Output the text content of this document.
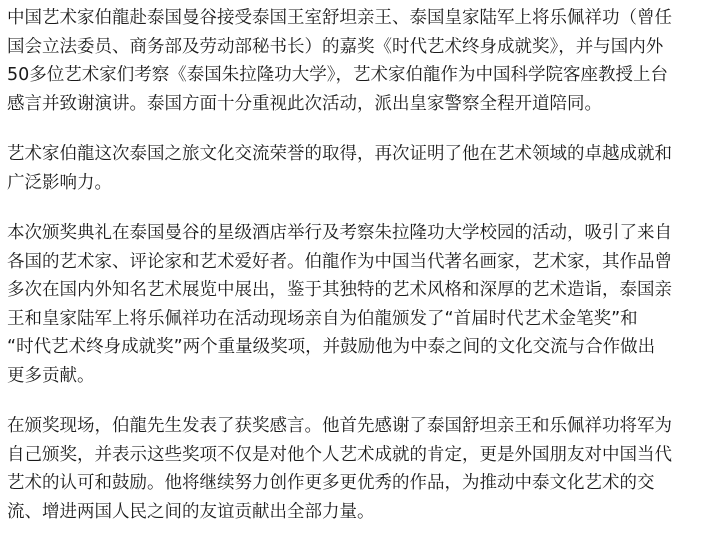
中国艺术家伯龍赴泰国曼谷接受泰国王室舒坦亲王、泰国皇家陆军上将乐佩祥功（曾任
国会立法委员、商务部及劳动部秘书长）的嘉奖《时代艺术终身成就奖》，并与国内外
50多位艺术家们考察《泰国朱拉隆功大学》，艺术家伯龍作为中国科学院客座教授上台
感言并致谢演讲。泰国方面十分重视此次活动，派出皇家警察全程开道陪同。
艺术家伯龍这次泰国之旅文化交流荣誉的取得，再次证明了他在艺术领域的卓越成就和
广泛影响力。
本次颁奖典礼在泰国曼谷的星级酒店举行及考察朱拉隆功大学校园的活动，吸引了来自
各国的艺术家、评论家和艺术爱好者。伯龍作为中国当代著名画家，艺术家，其作品曾
多次在国内外知名艺术展览中展出，鉴于其独特的艺术风格和深厚的艺术造诣，泰国亲
王和皇家陆军上将乐佩祥功在活动现场亲自为伯龍颁发了“首届时代艺术金笔奖”和
“时代艺术终身成就奖”两个重量级奖项，并鼓励他为中泰之间的文化交流与合作做出
更多贡献。
在颁奖现场，伯龍先生发表了获奖感言。他首先感谢了泰国舒坦亲王和乐佩祥功将军为
自己颁奖，并表示这些奖项不仅是对他个人艺术成就的肯定，更是外国朋友对中国当代
艺术的认可和鼓励。他将继续努力创作更多更优秀的作品，为推动中泰文化艺术的交
流、增进两国人民之间的友谊贡献出全部力量。
